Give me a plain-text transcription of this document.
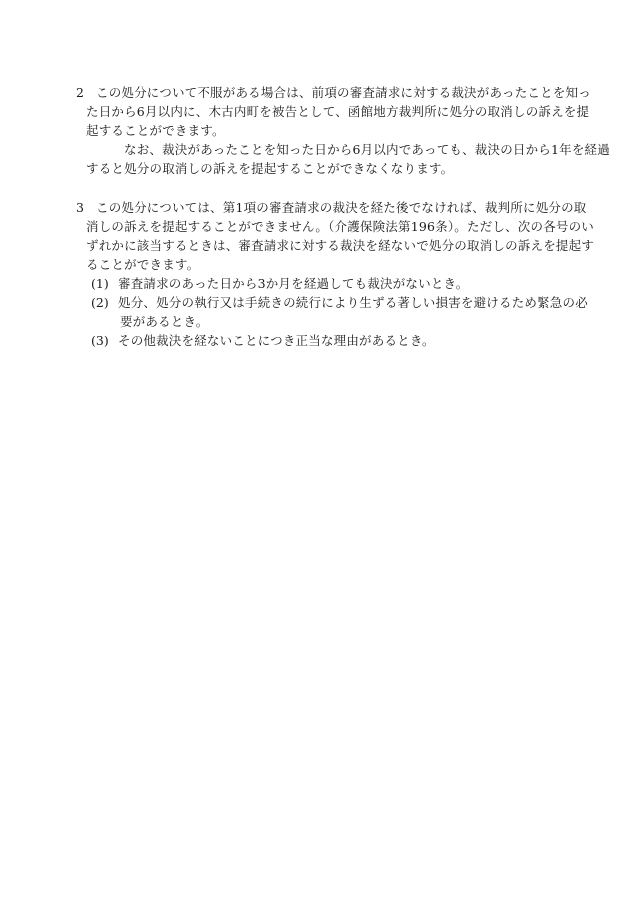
2 この処分について不服がある場合は、前項の審査請求に対する裁決があったことを知っ
た日から6月以内に、木古内町を被告として、函館地方裁判所に処分の取消しの訴えを提
起することができます。
なお、裁決があったことを知った日から6月以内であっても、裁決の日から1年を経過
すると処分の取消しの訴えを提起することができなくなります。
3 この処分については、第1項の審査請求の裁決を経た後でなければ、裁判所に処分の取
消しの訴えを提起することができません。（介護保険法第196条）。ただし、次の各号のい
ずれかに該当するときは、審査請求に対する裁決を経ないで処分の取消しの訴えを提起す
ることができます。
(1) 審査請求のあった日から3か月を経過しても裁決がないとき。
(2) 処分、処分の執行又は手続きの続行により生ずる著しい損害を避けるため緊急の必
要があるとき。
(3) その他裁決を経ないことにつき正当な理由があるとき。
